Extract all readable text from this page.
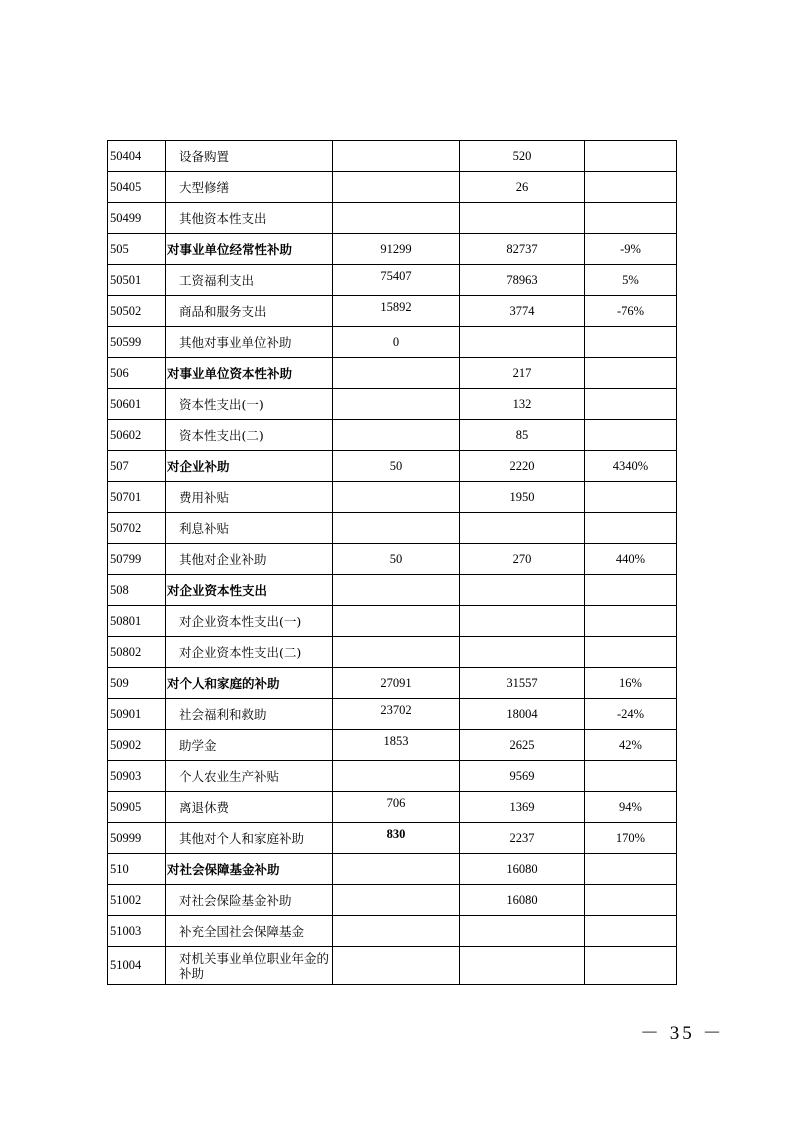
50404	设备购置		520	
50405	大型修缮		26	
50499	其他资本性支出			
505	对事业单位经常性补助	91299	82737	-9%
50501	工资福利支出	75407	78963	5%
50502	商品和服务支出	15892	3774	-76%
50599	其他对事业单位补助	0		
506	对事业单位资本性补助		217	
50601	资本性支出(一)		132	
50602	资本性支出(二)		85	
507	对企业补助	50	2220	4340%
50701	费用补贴		1950	
50702	利息补贴			
50799	其他对企业补助	50	270	440%
508	对企业资本性支出			
50801	对企业资本性支出(一)			
50802	对企业资本性支出(二)			
509	对个人和家庭的补助	27091	31557	16%
50901	社会福利和救助	23702	18004	-24%
50902	助学金	1853	2625	42%
50903	个人农业生产补贴		9569	
50905	离退休费	706	1369	94%
50999	其他对个人和家庭补助	830	2237	170%
510	对社会保障基金补助		16080	
51002	对社会保险基金补助		16080	
51003	补充全国社会保障基金			
51004	对机关事业单位职业年金的补助			
－ 35 －
